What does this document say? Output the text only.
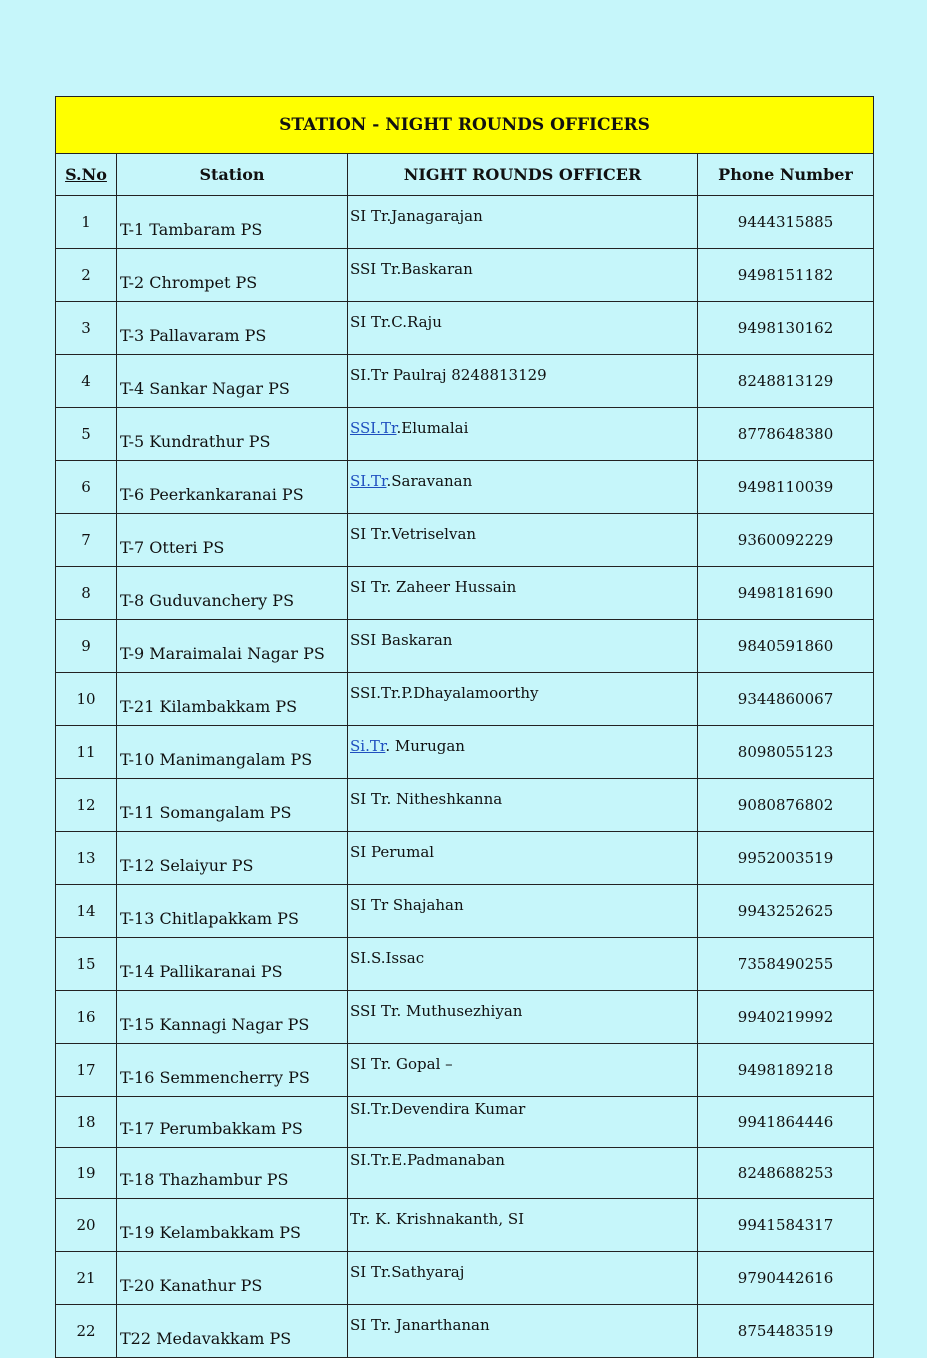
STATION - NIGHT ROUNDS OFFICERS			
S.No	Station	NIGHT ROUNDS OFFICER	Phone Number
1	T-1 Tambaram PS	SI Tr.Janagarajan	9444315885
2	T-2 Chrompet PS	SSI Tr.Baskaran	9498151182
3	T-3 Pallavaram PS	SI Tr.C.Raju	9498130162
4	T-4 Sankar Nagar PS	SI.Tr Paulraj 8248813129	8248813129
5	T-5 Kundrathur PS	SSI.Tr.Elumalai	8778648380
6	T-6 Peerkankaranai PS	SI.Tr.Saravanan	9498110039
7	T-7 Otteri PS	SI Tr.Vetriselvan	9360092229
8	T-8 Guduvanchery PS	SI Tr. Zaheer Hussain	9498181690
9	T-9 Maraimalai Nagar PS	SSI Baskaran	9840591860
10	T-21 Kilambakkam PS	SSI.Tr.P.Dhayalamoorthy	9344860067
11	T-10 Manimangalam PS	Si.Tr. Murugan	8098055123
12	T-11 Somangalam PS	SI Tr. Nitheshkanna	9080876802
13	T-12 Selaiyur PS	SI Perumal	9952003519
14	T-13 Chitlapakkam PS	SI Tr Shajahan	9943252625
15	T-14 Pallikaranai PS	SI.S.Issac	7358490255
16	T-15 Kannagi Nagar PS	SSI Tr. Muthusezhiyan	9940219992
17	T-16 Semmencherry PS	SI Tr. Gopal –	9498189218
18	T-17 Perumbakkam PS	SI.Tr.Devendira Kumar	9941864446
19	T-18 Thazhambur PS	SI.Tr.E.Padmanaban	8248688253
20	T-19 Kelambakkam PS	Tr. K. Krishnakanth, SI	9941584317
21	T-20 Kanathur PS	SI Tr.Sathyaraj	9790442616
22	T22 Medavakkam PS	SI Tr. Janarthanan	8754483519
